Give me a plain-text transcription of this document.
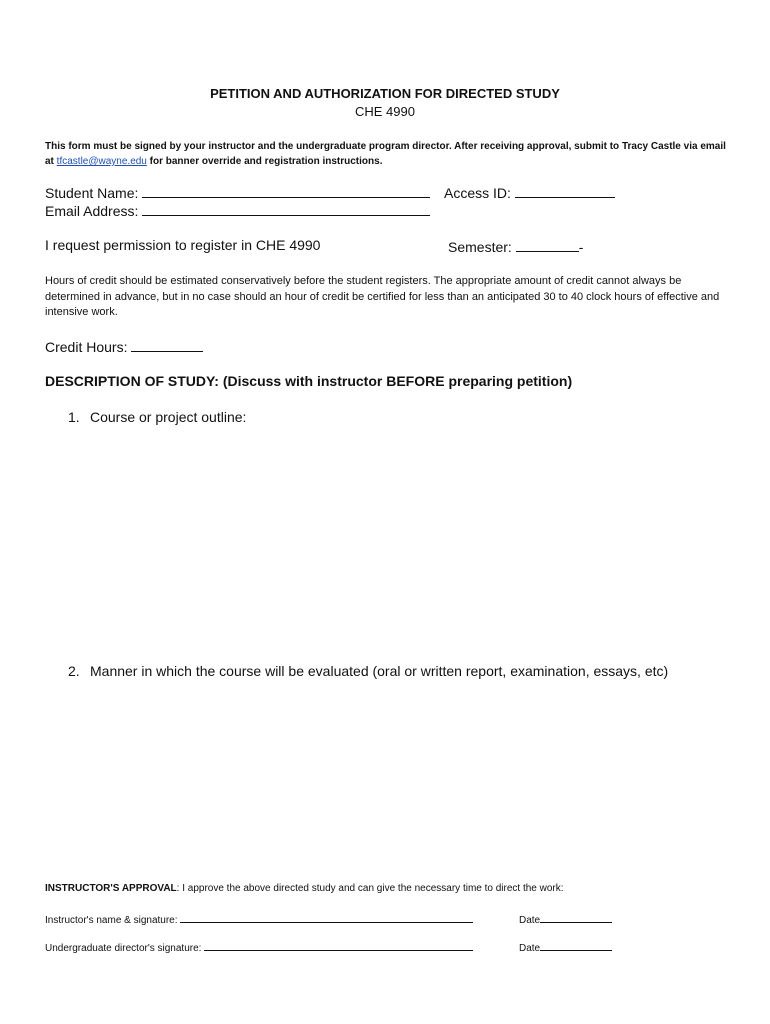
PETITION AND AUTHORIZATION FOR DIRECTED STUDY
CHE 4990
This form must be signed by your instructor and the undergraduate program director. After receiving approval, submit to Tracy Castle via email at tfcastle@wayne.edu for banner override and registration instructions.
Student Name:	Access ID:
Email Address:
I request permission to register in CHE 4990	Semester:	-
Hours of credit should be estimated conservatively before the student registers. The appropriate amount of credit cannot always be determined in advance, but in no case should an hour of credit be certified for less than an anticipated 30 to 40 clock hours of effective and intensive work.
Credit Hours:
DESCRIPTION OF STUDY: (Discuss with instructor BEFORE preparing petition)
1. Course or project outline:
2. Manner in which the course will be evaluated (oral or written report, examination, essays, etc)
INSTRUCTOR'S APPROVAL: I approve the above directed study and can give the necessary time to direct the work:
Instructor's name & signature:	Date
Undergraduate director's signature:	Date
